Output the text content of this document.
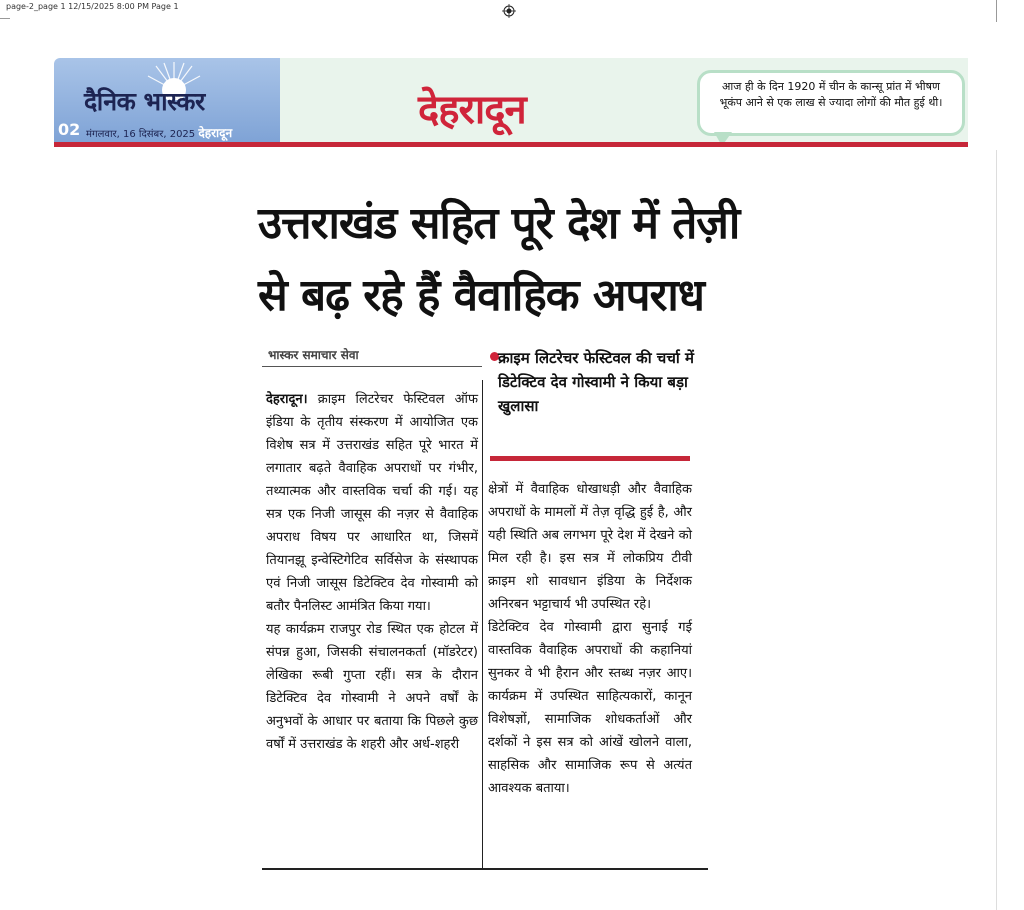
page-2_page 1 12/15/2025 8:00 PM Page 1
दैनिक भास्कर
02 मंगलवार, 16 दिसंबर, 2025 देहरादून	देहरादून
आज ही के दिन 1920 में चीन के कान्सू प्रांत में भीषण भूकंप आने से एक लाख से ज्यादा लोगों की मौत हुई थी।
उत्तराखंड सहित पूरे देश में तेज़ी
से बढ़ रहे हैं वैवाहिक अपराध
भास्कर समाचार सेवा	क्राइम लिटरेचर फेस्टिवल की चर्चा में डिटेक्टिव देव गोस्वामी ने किया बड़ा खुलासा

देहरादून। क्राइम लिटरेचर फेस्टिवल ऑफ इंडिया के तृतीय संस्करण में आयोजित एक विशेष सत्र में उत्तराखंड सहित पूरे भारत में लगातार बढ़ते वैवाहिक अपराधों पर गंभीर, तथ्यात्मक और वास्तविक चर्चा की गई। यह सत्र एक निजी जासूस की नज़र से वैवाहिक अपराध विषय पर आधारित था, जिसमें तियानझू इन्वेस्टिगेटिव सर्विसेज के संस्थापक एवं निजी जासूस डिटेक्टिव देव गोस्वामी को बतौर पैनलिस्ट आमंत्रित किया गया।

यह कार्यक्रम राजपुर रोड स्थित एक होटल में संपन्न हुआ, जिसकी संचालनकर्ता (मॉडरेटर) लेखिका रूबी गुप्ता रहीं। सत्र के दौरान डिटेक्टिव देव गोस्वामी ने अपने वर्षों के अनुभवों के आधार पर बताया कि पिछले कुछ वर्षों में उत्तराखंड के शहरी और अर्ध-शहरी

क्षेत्रों में वैवाहिक धोखाधड़ी और वैवाहिक अपराधों के मामलों में तेज़ वृद्धि हुई है, और यही स्थिति अब लगभग पूरे देश में देखने को मिल रही है। इस सत्र में लोकप्रिय टीवी क्राइम शो सावधान इंडिया के निर्देशक अनिरबन भट्टाचार्य भी उपस्थित रहे।

डिटेक्टिव देव गोस्वामी द्वारा सुनाई गई वास्तविक वैवाहिक अपराधों की कहानियां सुनकर वे भी हैरान और स्तब्ध नज़र आए। कार्यक्रम में उपस्थित साहित्यकारों, कानून विशेषज्ञों, सामाजिक शोधकर्ताओं और दर्शकों ने इस सत्र को आंखें खोलने वाला, साहसिक और सामाजिक रूप से अत्यंत आवश्यक बताया।
